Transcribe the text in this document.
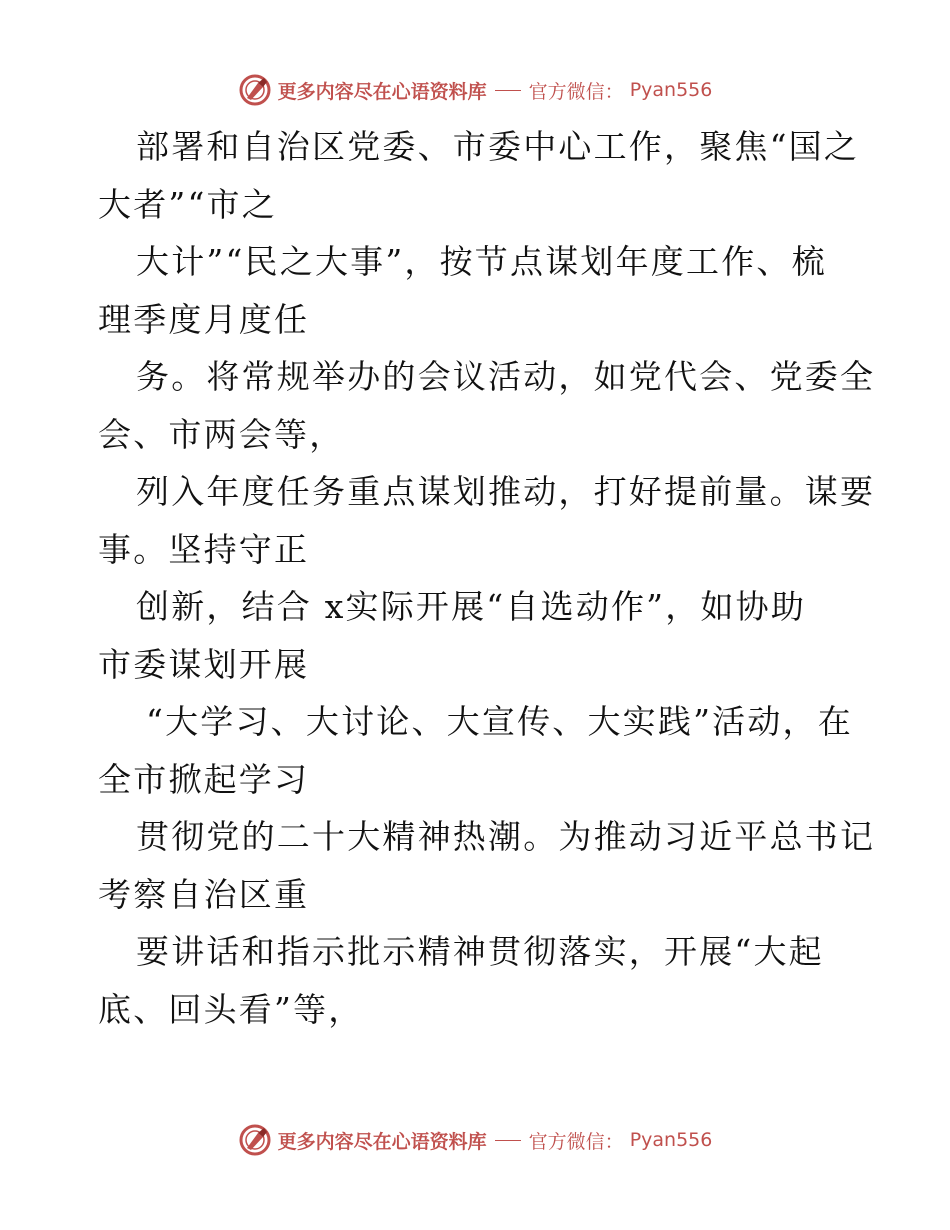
更多内容尽在心语资料库 官方微信： Pyan556
部署和自治区党委、市委中心工作，聚焦“国之
大者”“市之
大计”“民之大事”，按节点谋划年度工作、梳
理季度月度任
务。将常规举办的会议活动，如党代会、党委全
会、市两会等，
列入年度任务重点谋划推动，打好提前量。谋要
事。坚持守正
创新，结合 x实际开展“自选动作”，如协助
市委谋划开展
“大学习、大讨论、大宣传、大实践”活动，在
全市掀起学习
贯彻党的二十大精神热潮。为推动习近平总书记
考察自治区重
要讲话和指示批示精神贯彻落实，开展“大起
底、回头看”等，
更多内容尽在心语资料库 官方微信： Pyan556
